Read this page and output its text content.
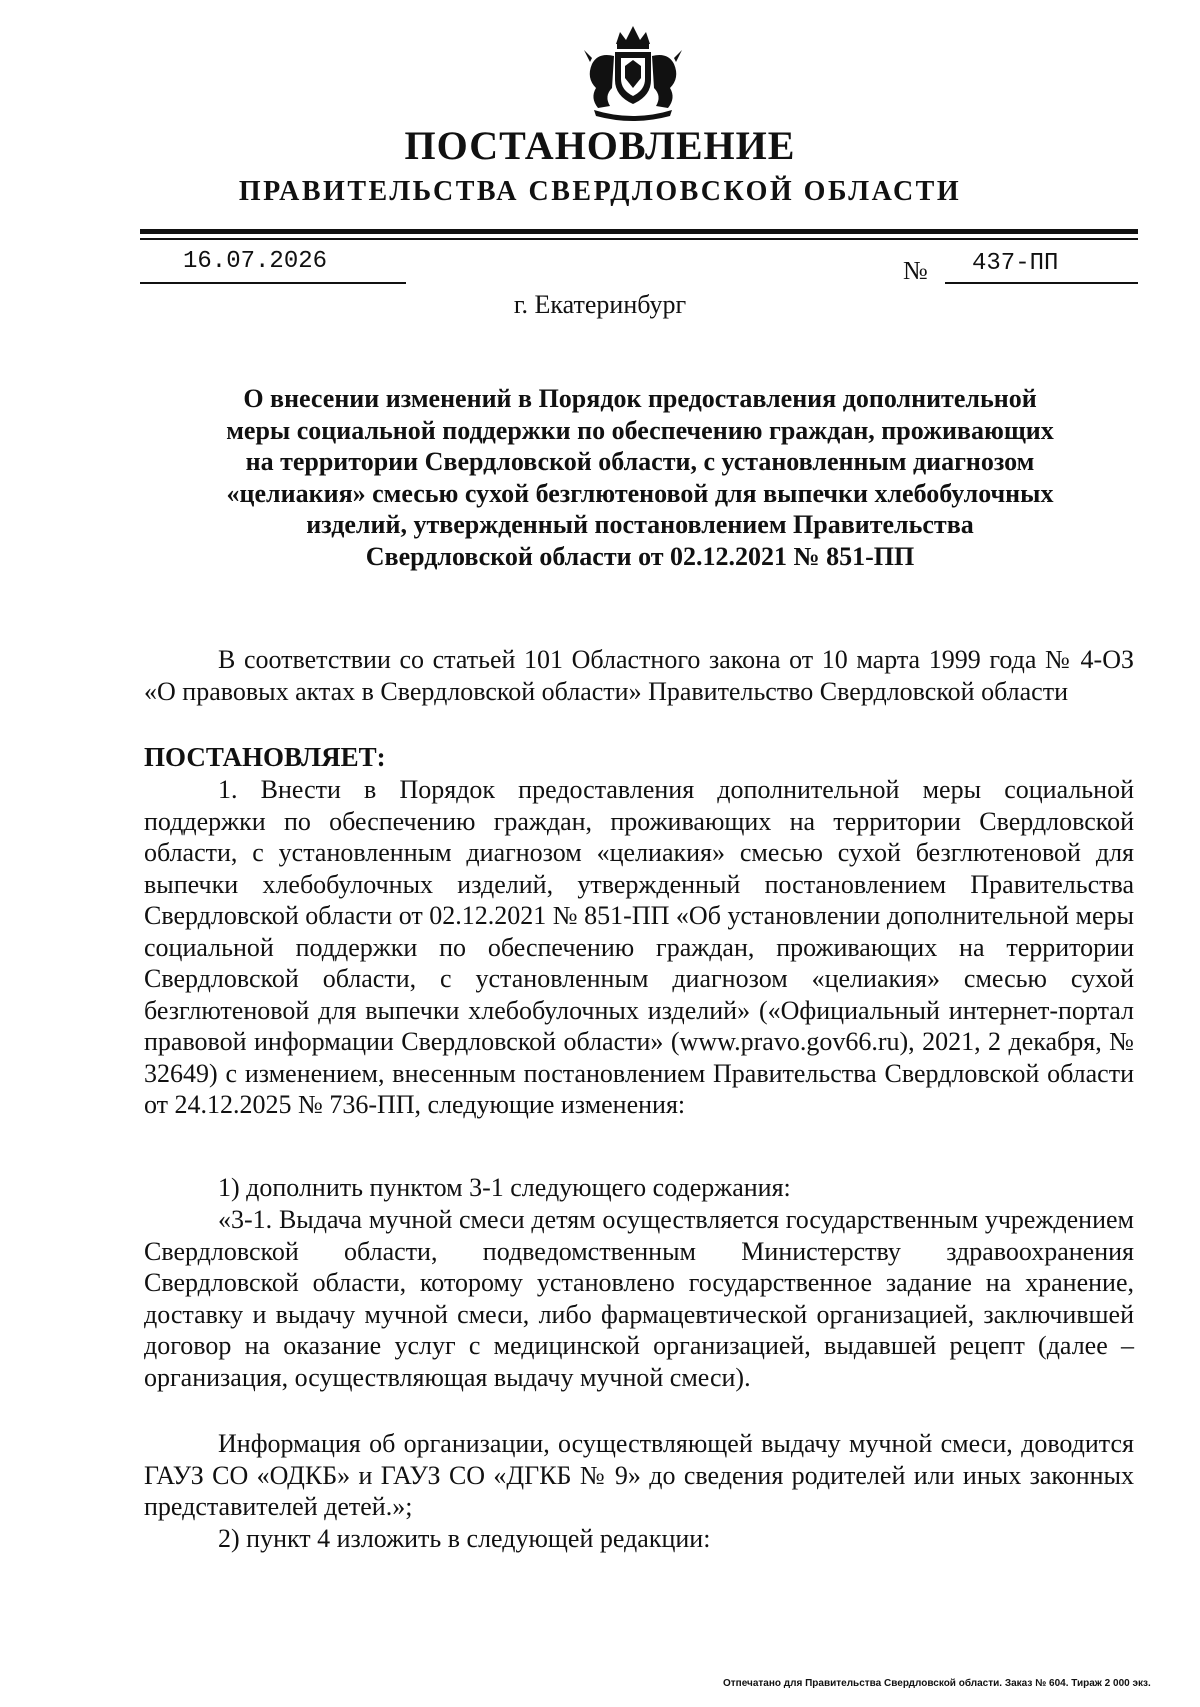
ПОСТАНОВЛЕНИЕ
ПРАВИТЕЛЬСТВА СВЕРДЛОВСКОЙ ОБЛАСТИ
16.07.2026	№ 437-ПП
г. Екатеринбург
О внесении изменений в Порядок предоставления дополнительной
меры социальной поддержки по обеспечению граждан, проживающих
на территории Свердловской области, с установленным диагнозом
«целиакия» смесью сухой безглютеновой для выпечки хлебобулочных
изделий, утвержденный постановлением Правительства
Свердловской области от 02.12.2021 № 851-ПП

В соответствии со статьей 101 Областного закона от 10 марта 1999 года № 4-ОЗ «О правовых актах в Свердловской области» Правительство Свердловской области

ПОСТАНОВЛЯЕТ:

1. Внести в Порядок предоставления дополнительной меры социальной поддержки по обеспечению граждан, проживающих на территории Свердловской области, с установленным диагнозом «целиакия» смесью сухой безглютеновой для выпечки хлебобулочных изделий, утвержденный постановлением Правительства Свердловской области от 02.12.2021 № 851-ПП «Об установлении дополнительной меры социальной поддержки по обеспечению граждан, проживающих на территории Свердловской области, с установленным диагнозом «целиакия» смесью сухой безглютеновой для выпечки хлебобулочных изделий» («Официальный интернет-портал правовой информации Свердловской области» (www.pravo.gov66.ru), 2021, 2 декабря, № 32649) с изменением, внесенным постановлением Правительства Свердловской области от 24.12.2025 № 736-ПП, следующие изменения:

1) дополнить пунктом 3-1 следующего содержания:

«3-1. Выдача мучной смеси детям осуществляется государственным учреждением Свердловской области, подведомственным Министерству здравоохранения Свердловской области, которому установлено государственное задание на хранение, доставку и выдачу мучной смеси, либо фармацевтической организацией, заключившей договор на оказание услуг с медицинской организацией, выдавшей рецепт (далее – организация, осуществляющая выдачу мучной смеси).

Информация об организации, осуществляющей выдачу мучной смеси, доводится ГАУЗ СО «ОДКБ» и ГАУЗ СО «ДГКБ № 9» до сведения родителей или иных законных представителей детей.»;

2) пункт 4 изложить в следующей редакции:

Отпечатано для Правительства Свердловской области. Заказ № 604. Тираж 2 000 экз.
